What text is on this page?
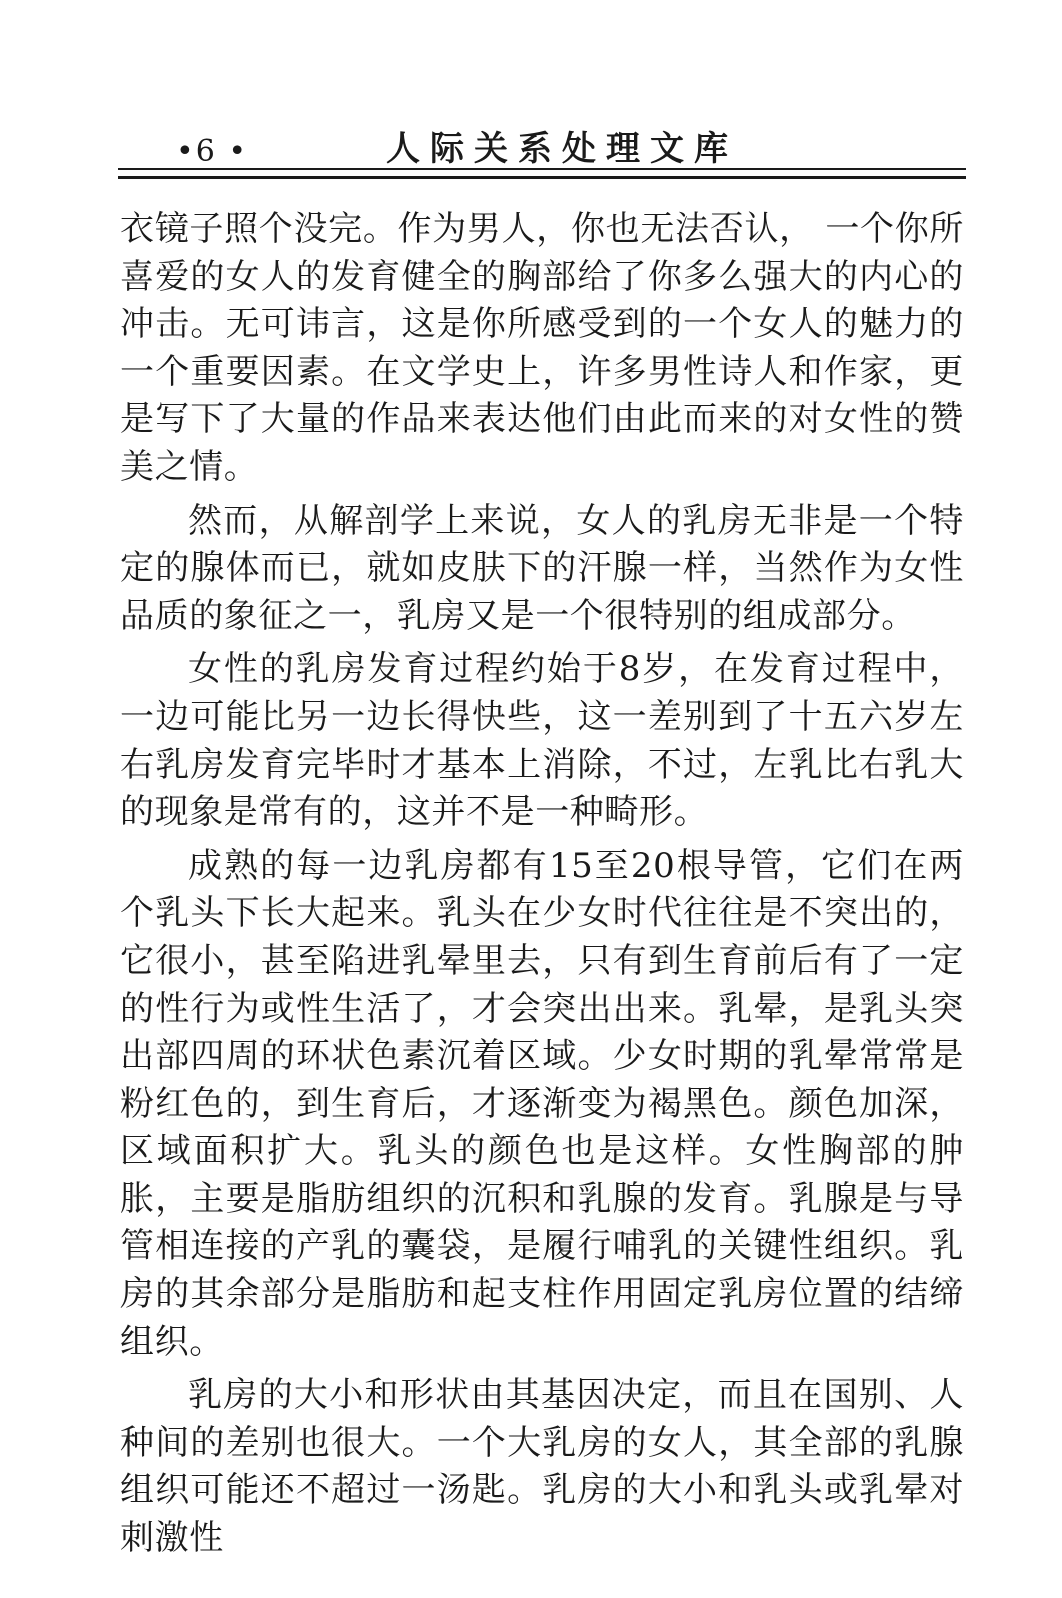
•6 •	人际关系处理文库

衣镜子照个没完。作为男人，你也无法否认， 一个你所喜爱的女人的发育健全的胸部给了你多么强大的内心的冲击。无可讳言，这是你所感受到的一个女人的魅力的一个重要因素。在文学史上，许多男性诗人和作家，更是写下了大量的作品来表达他们由此而来的对女性的赞美之情。

然而，从解剖学上来说，女人的乳房无非是一个特定的腺体而已，就如皮肤下的汗腺一样，当然作为女性品质的象征之一，乳房又是一个很特别的组成部分。

女性的乳房发育过程约始于8岁，在发育过程中， 一边可能比另一边长得快些，这一差别到了十五六岁左右乳房发育完毕时才基本上消除，不过，左乳比右乳大的现象是常有的，这并不是一种畸形。

成熟的每一边乳房都有15至20根导管，它们在两个乳头下长大起来。乳头在少女时代往往是不突出的，它很小，甚至陷进乳晕里去，只有到生育前后有了一定的性行为或性生活了，才会突出出来。乳晕，是乳头突出部四周的环状色素沉着区域。少女时期的乳晕常常是粉红色的，到生育后，才逐渐变为褐黑色。颜色加深，区域面积扩大。乳头的颜色也是这样。女性胸部的肿胀，主要是脂肪组织的沉积和乳腺的发育。乳腺是与导管相连接的产乳的囊袋，是履行哺乳的关键性组织。乳房的其余部分是脂肪和起支柱作用固定乳房位置的结缔组织。

乳房的大小和形状由其基因决定，而且在国别、人种间的差别也很大。一个大乳房的女人，其全部的乳腺组织可能还不超过一汤匙。乳房的大小和乳头或乳晕对刺激性
